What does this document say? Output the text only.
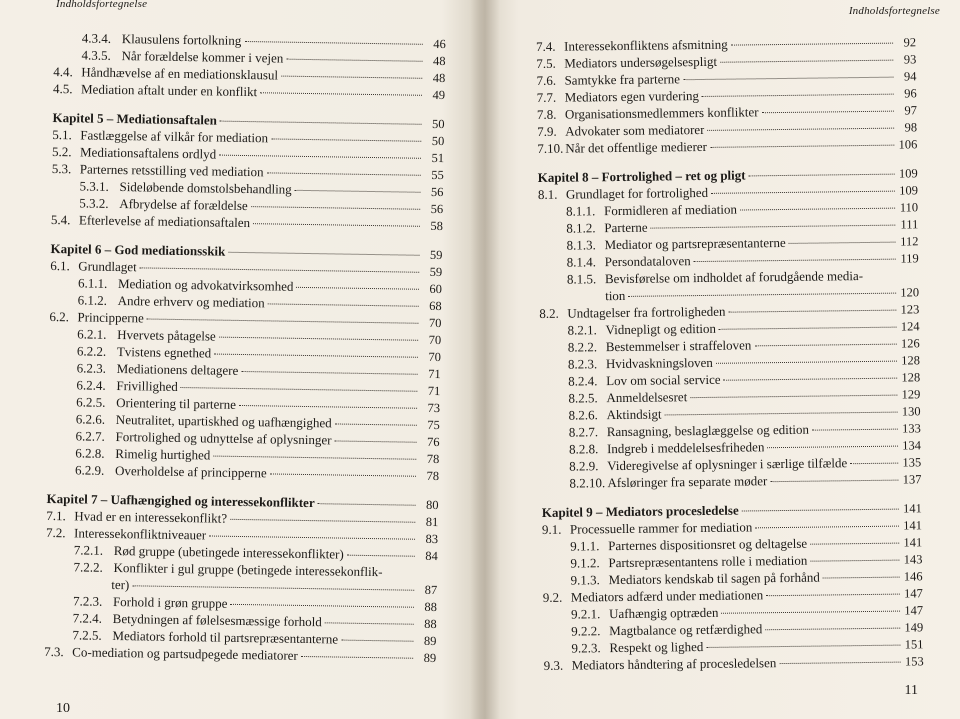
Indholdsfortegnelse
4.3.4. Klausulens fortolkning	46
4.3.5. Når forældelse kommer i vejen	48
4.4. Håndhævelse af en mediationsklausul	48
4.5. Mediation aftalt under en konflikt	49
Kapitel 5 – Mediationsaftalen	50
5.1. Fastlæggelse af vilkår for mediation	50
5.2. Mediationsaftalens ordlyd	51
5.3. Parternes retsstilling ved mediation	55
5.3.1. Sideløbende domstolsbehandling	56
5.3.2. Afbrydelse af forældelse	56
5.4. Efterlevelse af mediationsaftalen	58
Kapitel 6 – God mediationsskik	59
6.1. Grundlaget	59
6.1.1. Mediation og advokatvirksomhed	60
6.1.2. Andre erhverv og mediation	68
6.2. Principperne	70
6.2.1. Hvervets påtagelse	70
6.2.2. Tvistens egnethed	70
6.2.3. Mediationens deltagere	71
6.2.4. Frivillighed	71
6.2.5. Orientering til parterne	73
6.2.6. Neutralitet, upartiskhed og uafhængighed	75
6.2.7. Fortrolighed og udnyttelse af oplysninger	76
6.2.8. Rimelig hurtighed	78
6.2.9. Overholdelse af principperne	78
Kapitel 7 – Uafhængighed og interessekonflikter	80
7.1. Hvad er en interessekonflikt?	81
7.2. Interessekonfliktniveauer	83
7.2.1. Rød gruppe (ubetingede interessekonflikter)	84
7.2.2. Konflikter i gul gruppe (betingede interessekonflik-
ter)	87
7.2.3. Forhold i grøn gruppe	88
7.2.4. Betydningen af følelsesmæssige forhold	88
7.2.5. Mediators forhold til partsrepræsentanterne	89
7.3. Co-mediation og partsudpegede mediatorer	89
10
Indholdsfortegnelse
7.4. Interessekonfliktens afsmitning	92
7.5. Mediators undersøgelsespligt	93
7.6. Samtykke fra parterne	94
7.7. Mediators egen vurdering	96
7.8. Organisationsmedlemmers konflikter	97
7.9. Advokater som mediatorer	98
7.10. Når det offentlige medierer	106
Kapitel 8 – Fortrolighed – ret og pligt	109
8.1. Grundlaget for fortrolighed	109
8.1.1. Formidleren af mediation	110
8.1.2. Parterne	111
8.1.3. Mediator og partsrepræsentanterne	112
8.1.4. Persondataloven	119
8.1.5. Bevisførelse om indholdet af forudgående media-
tion	120
8.2. Undtagelser fra fortroligheden	123
8.2.1. Vidnepligt og edition	124
8.2.2. Bestemmelser i straffeloven	126
8.2.3. Hvidvaskningsloven	128
8.2.4. Lov om social service	128
8.2.5. Anmeldelsesret	129
8.2.6. Aktindsigt	130
8.2.7. Ransagning, beslaglæggelse og edition	133
8.2.8. Indgreb i meddelelsesfriheden	134
8.2.9. Videregivelse af oplysninger i særlige tilfælde	135
8.2.10. Afsløringer fra separate møder	137
Kapitel 9 – Mediators procesledelse	141
9.1. Processuelle rammer for mediation	141
9.1.1. Parternes dispositionsret og deltagelse	141
9.1.2. Partsrepræsentantens rolle i mediation	143
9.1.3. Mediators kendskab til sagen på forhånd	146
9.2. Mediators adfærd under mediationen	147
9.2.1. Uafhængig optræden	147
9.2.2. Magtbalance og retfærdighed	149
9.2.3. Respekt og lighed	151
9.3. Mediators håndtering af procesledelsen	153
11
